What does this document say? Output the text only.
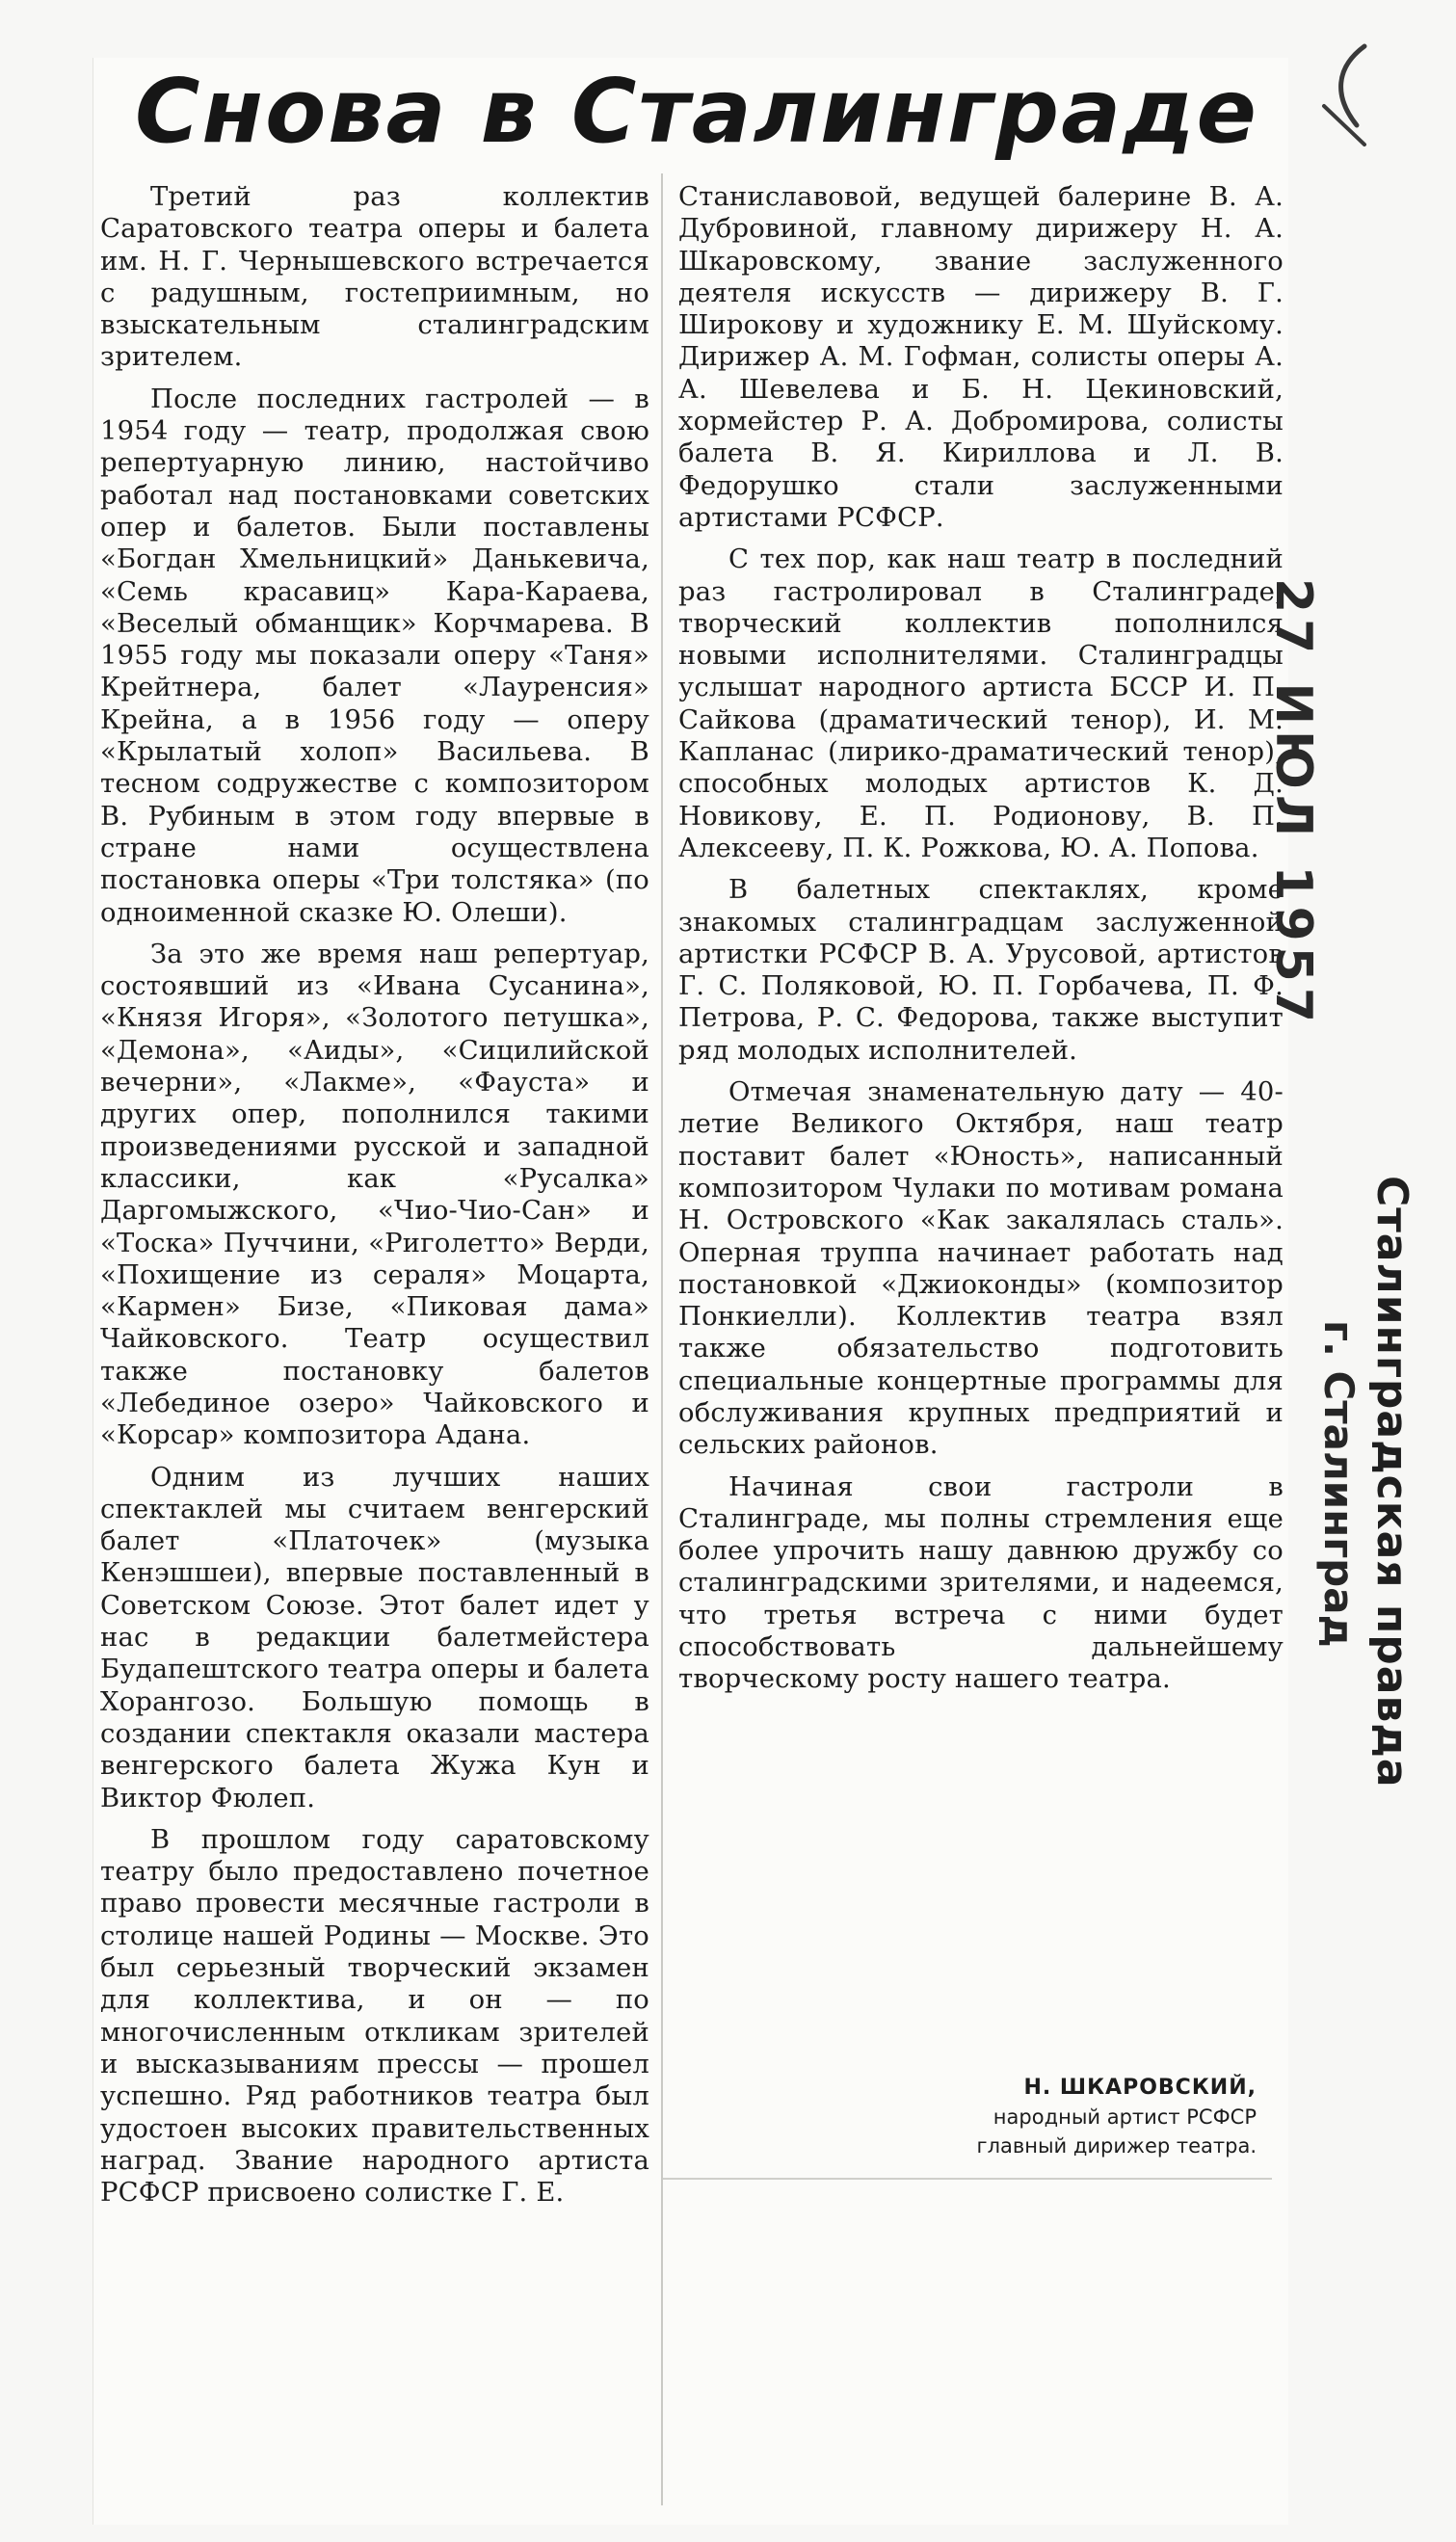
Снова в Сталинграде

Третий раз коллектив Саратовского театра оперы и балета им. Н. Г. Чернышевского встречается с радушным, гостеприимным, но взыскательным сталинградским зрителем.

После последних гастролей — в 1954 году — театр, продолжая свою репертуарную линию, настойчиво работал над постановками советских опер и балетов. Были поставлены «Богдан Хмельницкий» Данькевича, «Семь красавиц» Кара-Караева, «Веселый обманщик» Корчмарева. В 1955 году мы показали оперу «Таня» Крейтнера, балет «Лауренсия» Крейна, а в 1956 году — оперу «Крылатый холоп» Васильева. В тесном содружестве с композитором В. Рубиным в этом году впервые в стране нами осуществлена постановка оперы «Три толстяка» (по одноименной сказке Ю. Олеши).

За это же время наш репертуар, состоявший из «Ивана Сусанина», «Князя Игоря», «Золотого петушка», «Демона», «Аиды», «Сицилийской вечерни», «Лакме», «Фауста» и других опер, пополнился такими произведениями русской и западной классики, как «Русалка» Даргомыжского, «Чио-Чио-Сан» и «Тоска» Пуччини, «Риголетто» Верди, «Похищение из сераля» Моцарта, «Кармен» Бизе, «Пиковая дама» Чайковского. Театр осуществил также постановку балетов «Лебединое озеро» Чайковского и «Корсар» композитора Адана.

Одним из лучших наших спектаклей мы считаем венгерский балет «Платочек» (музыка Кенэшшеи), впервые поставленный в Советском Союзе. Этот балет идет у нас в редакции балетмейстера Будапештского театра оперы и балета Хорангозо. Большую помощь в создании спектакля оказали мастера венгерского балета Жужа Кун и Виктор Фюлеп.

В прошлом году саратовскому театру было предоставлено почетное право провести месячные гастроли в столице нашей Родины — Москве. Это был серьезный творческий экзамен для коллектива, и он — по многочисленным откликам зрителей и высказываниям прессы — прошел успешно. Ряд работников театра был удостоен высоких правительственных наград. Звание народного артиста РСФСР присвоено солистке Г. Е.

Станиславовой, ведущей балерине В. А. Дубровиной, главному дирижеру Н. А. Шкаровскому, звание заслуженного деятеля искусств — дирижеру В. Г. Широкову и художнику Е. М. Шуйскому. Дирижер А. М. Гофман, солисты оперы А. А. Шевелева и Б. Н. Цекиновский, хормейстер Р. А. Добромирова, солисты балета В. Я. Кириллова и Л. В. Федорушко стали заслуженными артистами РСФСР.

С тех пор, как наш театр в последний раз гастролировал в Сталинграде, творческий коллектив пополнился новыми исполнителями. Сталинградцы услышат народного артиста БССР И. П. Сайкова (драматический тенор), И. М. Капланас (лирико-драматический тенор), способных молодых артистов К. Д. Новикову, Е. П. Родионову, В. П. Алексееву, П. К. Рожкова, Ю. А. Попова.

В балетных спектаклях, кроме знакомых сталинградцам заслуженной артистки РСФСР В. А. Урусовой, артистов Г. С. Поляковой, Ю. П. Горбачева, П. Ф. Петрова, Р. С. Федорова, также выступит ряд молодых исполнителей.

Отмечая знаменательную дату — 40-летие Великого Октября, наш театр поставит балет «Юность», написанный композитором Чулаки по мотивам романа Н. Островского «Как закалялась сталь». Оперная труппа начинает работать над постановкой «Джиоконды» (композитор Понкиелли). Коллектив театра взял также обязательство подготовить специальные концертные программы для обслуживания крупных предприятий и сельских районов.

Начиная свои гастроли в Сталинграде, мы полны стремления еще более упрочить нашу давнюю дружбу со сталинградскими зрителями, и надеемся, что третья встреча с ними будет способствовать дальнейшему творческому росту нашего театра.

Н. ШКАРОВСКИЙ,
народный артист РСФСР
главный дирижер театра.
27 ИЮЛ 1957
Сталинградская правда
г. Сталинград
